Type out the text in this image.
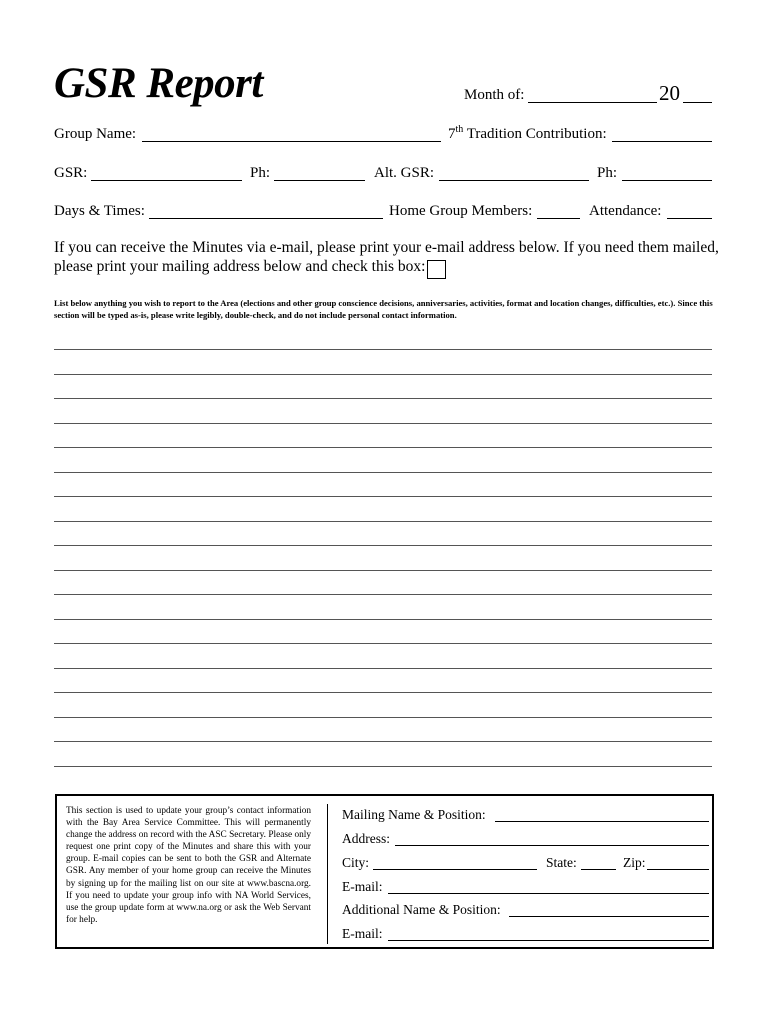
GSR Report	Month of:	20
Group Name:	7th Tradition Contribution:
GSR:	Ph:	Alt. GSR:	Ph:
Days & Times:	Home Group Members:	Attendance:
If you can receive the Minutes via e-mail, please print your e-mail address below. If you need them mailed, please print your mailing address below and check this box:
List below anything you wish to report to the Area (elections and other group conscience decisions, anniversaries, activities, format and location changes, difficulties, etc.). Since this section will be typed as-is, please write legibly, double-check, and do not include personal contact information.
This section is used to update your group’s contact information with the Bay Area Service Committee. This will permanently change the address on record with the ASC Secretary. Please only request one print copy of the Minutes and share this with your group. E-mail copies can be sent to both the GSR and Alternate GSR. Any member of your home group can receive the Minutes by signing up for the mailing list on our site at www.bascna.org. If you need to update your group info with NA World Services, use the group update form at www.na.org or ask the Web Servant for help.
Mailing Name & Position:
Address:
City:	State:	Zip:
E-mail:
Additional Name & Position:
E-mail:
